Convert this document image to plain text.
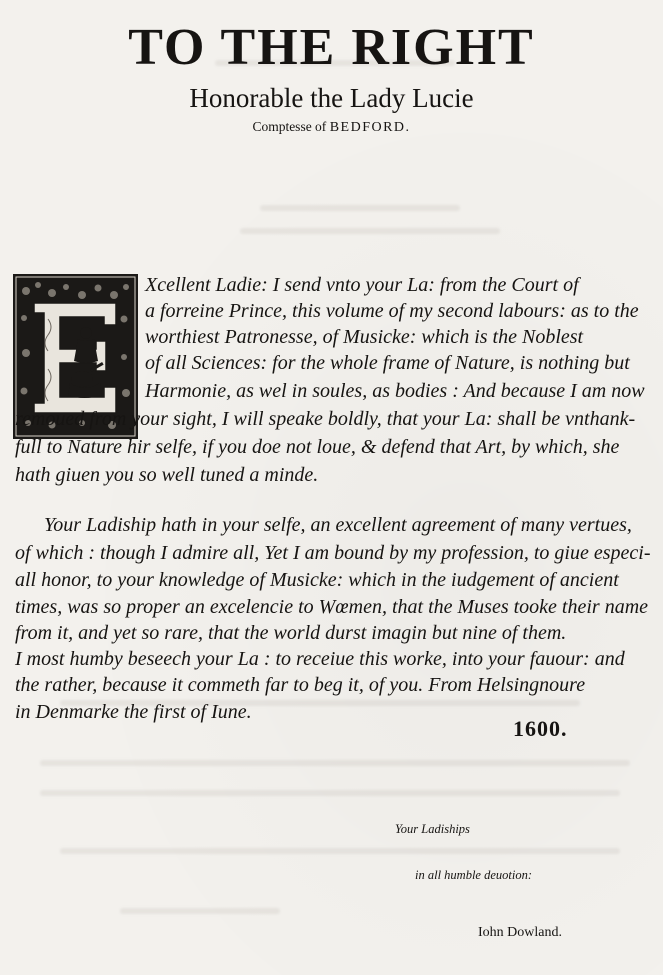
TO THE RIGHT
Honorable the Lady Lucie
Comptesse of BEDFORD.

Xcellent Ladie: I send vnto your La: from the Court of

a forreine Prince, this volume of my second labours: as to the

worthiest Patronesse, of Musicke: which is the Noblest

of all Sciences: for the whole frame of Nature, is nothing but

Harmonie, as wel in soules, as bodies : And because I am now

remoued from your sight, I will speake boldly, that your La: shall be vnthank-

full to Nature hir selfe, if you doe not loue, & defend that Art, by which, she

hath giuen you so well tuned a minde.

Your Ladiship hath in your selfe, an excellent agreement of many vertues,

of which : though I admire all, Yet I am bound by my profession, to giue especi-

all honor, to your knowledge of Musicke: which in the iudgement of ancient

times, was so proper an excelencie to Wœmen, that the Muses tooke their name

from it, and yet so rare, that the world durst imagin but nine of them.

I most humby beseech your La : to receiue this worke, into your fauour: and

the rather, because it commeth far to beg it, of you. From Helsingnoure

in Denmarke the first of Iune.

1600.

Your Ladiships

in all humble deuotion:

Iohn Dowland.
